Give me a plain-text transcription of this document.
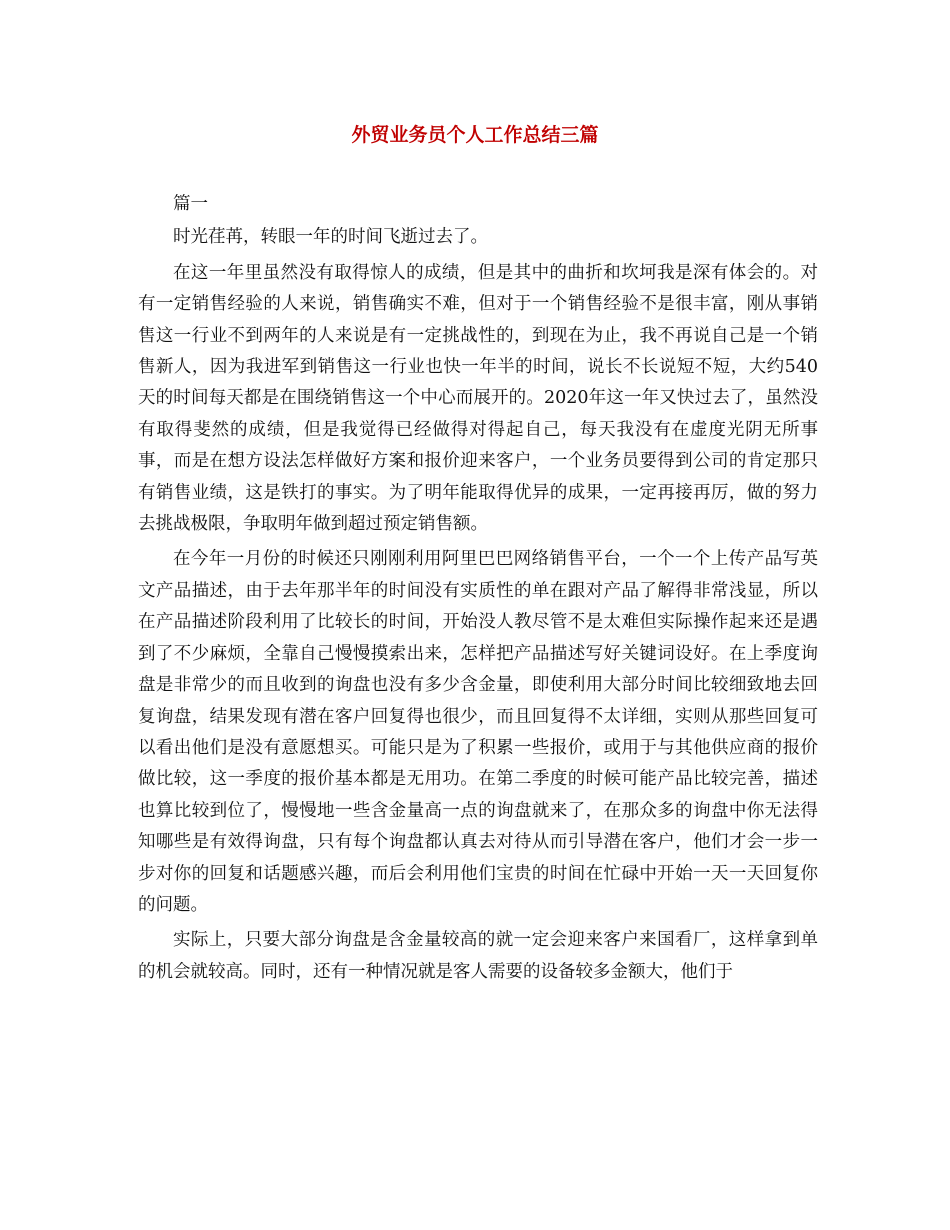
外贸业务员个人工作总结三篇

篇一

时光荏苒，转眼一年的时间飞逝过去了。

在这一年里虽然没有取得惊人的成绩，但是其中的曲折和坎坷我是深有体会的。对有一定销售经验的人来说，销售确实不难，但对于一个销售经验不是很丰富，刚从事销售这一行业不到两年的人来说是有一定挑战性的，到现在为止，我不再说自己是一个销售新人，因为我进军到销售这一行业也快一年半的时间，说长不长说短不短，大约540天的时间每天都是在围绕销售这一个中心而展开的。2020年这一年又快过去了，虽然没有取得斐然的成绩，但是我觉得已经做得对得起自己，每天我没有在虚度光阴无所事事，而是在想方设法怎样做好方案和报价迎来客户，一个业务员要得到公司的肯定那只有销售业绩，这是铁打的事实。为了明年能取得优异的成果，一定再接再厉，做的努力去挑战极限，争取明年做到超过预定销售额。

在今年一月份的时候还只刚刚利用阿里巴巴网络销售平台，一个一个上传产品写英文产品描述，由于去年那半年的时间没有实质性的单在跟对产品了解得非常浅显，所以在产品描述阶段利用了比较长的时间，开始没人教尽管不是太难但实际操作起来还是遇到了不少麻烦，全靠自己慢慢摸索出来，怎样把产品描述写好关键词设好。在上季度询盘是非常少的而且收到的询盘也没有多少含金量，即使利用大部分时间比较细致地去回复询盘，结果发现有潜在客户回复得也很少，而且回复得不太详细，实则从那些回复可以看出他们是没有意愿想买。可能只是为了积累一些报价，或用于与其他供应商的报价做比较，这一季度的报价基本都是无用功。在第二季度的时候可能产品比较完善，描述也算比较到位了，慢慢地一些含金量高一点的询盘就来了，在那众多的询盘中你无法得知哪些是有效得询盘，只有每个询盘都认真去对待从而引导潜在客户，他们才会一步一步对你的回复和话题感兴趣，而后会利用他们宝贵的时间在忙碌中开始一天一天回复你的问题。

实际上，只要大部分询盘是含金量较高的就一定会迎来客户来国看厂，这样拿到单的机会就较高。同时，还有一种情况就是客人需要的设备较多金额大，他们于
